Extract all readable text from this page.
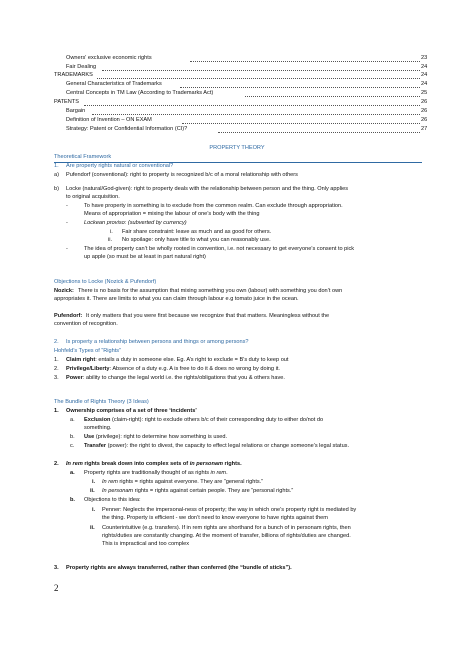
Owners' exclusive economic rights	23
Fair Dealing	24
TRADEMARKS	24
General Characteristics of Trademarks	24
Central Concepts in TM Law (According to Trademarks Act)	25
PATENTS	26
Bargain	26
Definition of Invention – ON EXAM	26
Strategy: Patent or Confidential Information (CI)?	27
PROPERTY THEORY
Theoretical Framework
1. Are property rights natural or conventional?
a) Pufendorf (conventional): right to property is recognized b/c of a moral relationship with others
b) Locke (natural/God-given): right to property deals with the relationship between person and the thing. Only applies
to original acquisition.
-	To have property in something is to exclude from the common realm. Can exclude through appropriation.
Means of appropriation = mixing the labour of one’s body with the thing
-	Lockean proviso: (subverted by currency)
i. Fair share constraint: leave as much and as good for others.
ii. No spoilage: only have title to what you can reasonably use.
-	The idea of property can’t be wholly rooted in convention, i.e. not necessary to get everyone’s consent to pick
up apple (so must be at least in part natural right)
Objections to Locke (Nozick & Pufendorf)
Nozick: There is no basis for the assumption that mixing something you own (labour) with something you don’t own
appropriates it. There are limits to what you can claim through labour e.g tomato juice in the ocean.
Pufendorf: It only matters that you were first because we recognize that that matters. Meaningless without the
convention of recognition.
2. Is property a relationship between persons and things or among persons?
Hohfeld’s Types of “Rights”
1. Claim right: entails a duty in someone else. Eg. A’s right to exclude = B’s duty to keep out
2. Privilege/Liberty: Absence of a duty e.g. A is free to do it & does no wrong by doing it.
3. Power: ability to change the legal world i.e. the rights/obligations that you & others have.
The Bundle of Rights Theory (3 Ideas)
1. Ownership comprises of a set of three ‘incidents’
a. Exclusion (claim-right): right to exclude others b/c of their corresponding duty to either do/not do
something.
b. Use (privilege): right to determine how something is used.
c. Transfer (power): the right to divest, the capacity to effect legal relations or change someone’s legal status.
2. In rem rights break down into complex sets of in personam rights.
a. Property rights are traditionally thought of as rights in rem.
i. In rem rights = rights against everyone. They are “general rights.”
ii. In personam rights = rights against certain people. They are “personal rights.”
b. Objections to this idea:
i. Penner: Neglects the impersonal-ness of property; the way in which one’s property right is mediated by
the thing. Property is efficient - we don’t need to know everyone to have rights against them
ii. Counterintuitive (e.g. transfers). If in rem rights are shorthand for a bunch of in personam rights, then
rights/duties are constantly changing. At the moment of transfer, billions of rights/duties are changed.
This is impractical and too complex
3. Property rights are always transferred, rather than conferred (the “bundle of sticks”).
2
